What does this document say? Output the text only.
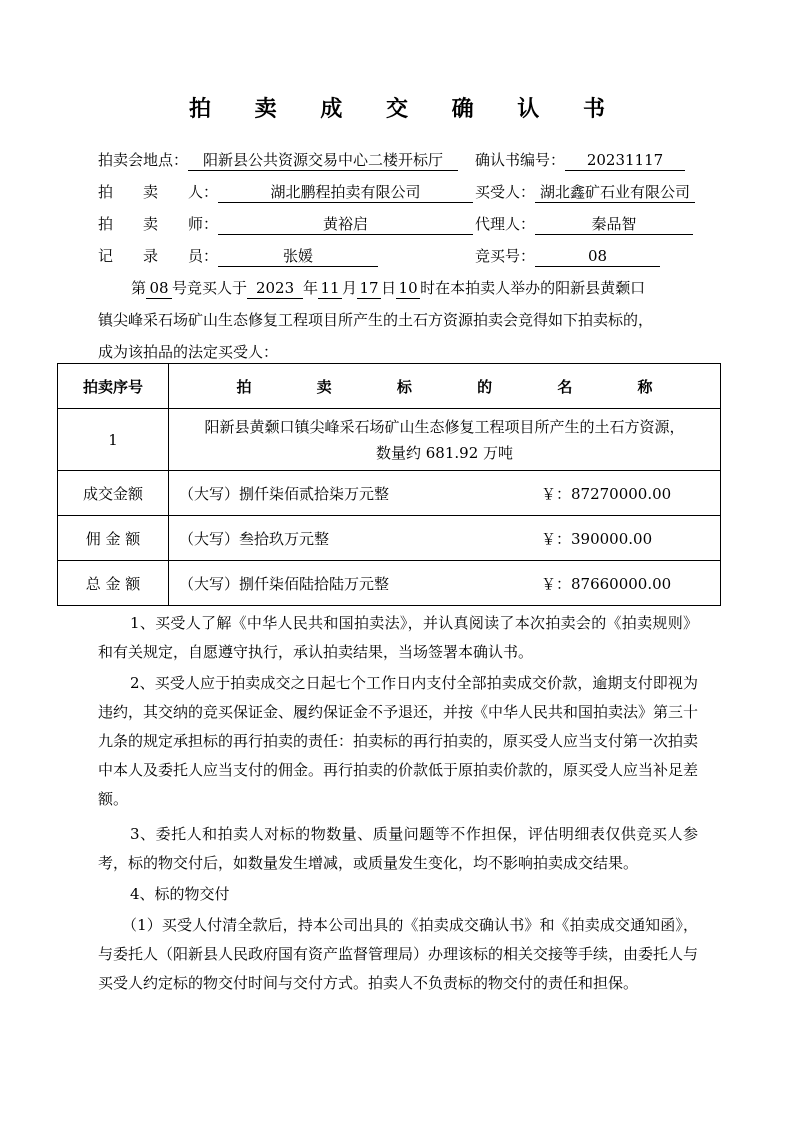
拍 卖 成 交 确 认 书
拍卖会地点： 阳新县公共资源交易中心二楼开标厅	确认书编号： 20231117
拍　　卖　　人：	湖北鹏程拍卖有限公司	买受人： 湖北鑫矿石业有限公司
拍　　卖　　师：	黄裕启	代理人：	秦品智
记　　录　　员：	张媛	竞买号：	08
第 08 号竞买人于 2023 年 11 月 17 日 10 时在本拍卖人举办的阳新县黄颡口
镇尖峰采石场矿山生态修复工程项目所产生的土石方资源拍卖会竞得如下拍卖标的，
成为该拍品的法定买受人：
拍卖序号	拍 卖 标 的 名 称
1	阳新县黄颡口镇尖峰采石场矿山生态修复工程项目所产生的土石方资源，
数量约 681.92 万吨

成交金额	（大写）捌仟柒佰贰拾柒万元整 ￥：87270000.00

佣 金 额	（大写）叁拾玖万元整 ￥：390000.00

总 金 额	（大写）捌仟柒佰陆拾陆万元整 ￥：87660000.00
1、买受人了解《中华人民共和国拍卖法》，并认真阅读了本次拍卖会的《拍卖规则》和有关规定，自愿遵守执行，承认拍卖结果，当场签署本确认书。
2、买受人应于拍卖成交之日起七个工作日内支付全部拍卖成交价款，逾期支付即视为违约，其交纳的竞买保证金、履约保证金不予退还，并按《中华人民共和国拍卖法》第三十九条的规定承担标的再行拍卖的责任：拍卖标的再行拍卖的，原买受人应当支付第一次拍卖中本人及委托人应当支付的佣金。再行拍卖的价款低于原拍卖价款的，原买受人应当补足差额。
3、委托人和拍卖人对标的物数量、质量问题等不作担保，评估明细表仅供竞买人参考，标的物交付后，如数量发生增减，或质量发生变化，均不影响拍卖成交结果。
4、标的物交付
（1）买受人付清全款后，持本公司出具的《拍卖成交确认书》和《拍卖成交通知函》，与委托人（阳新县人民政府国有资产监督管理局）办理该标的相关交接等手续，由委托人与买受人约定标的物交付时间与交付方式。拍卖人不负责标的物交付的责任和担保。
